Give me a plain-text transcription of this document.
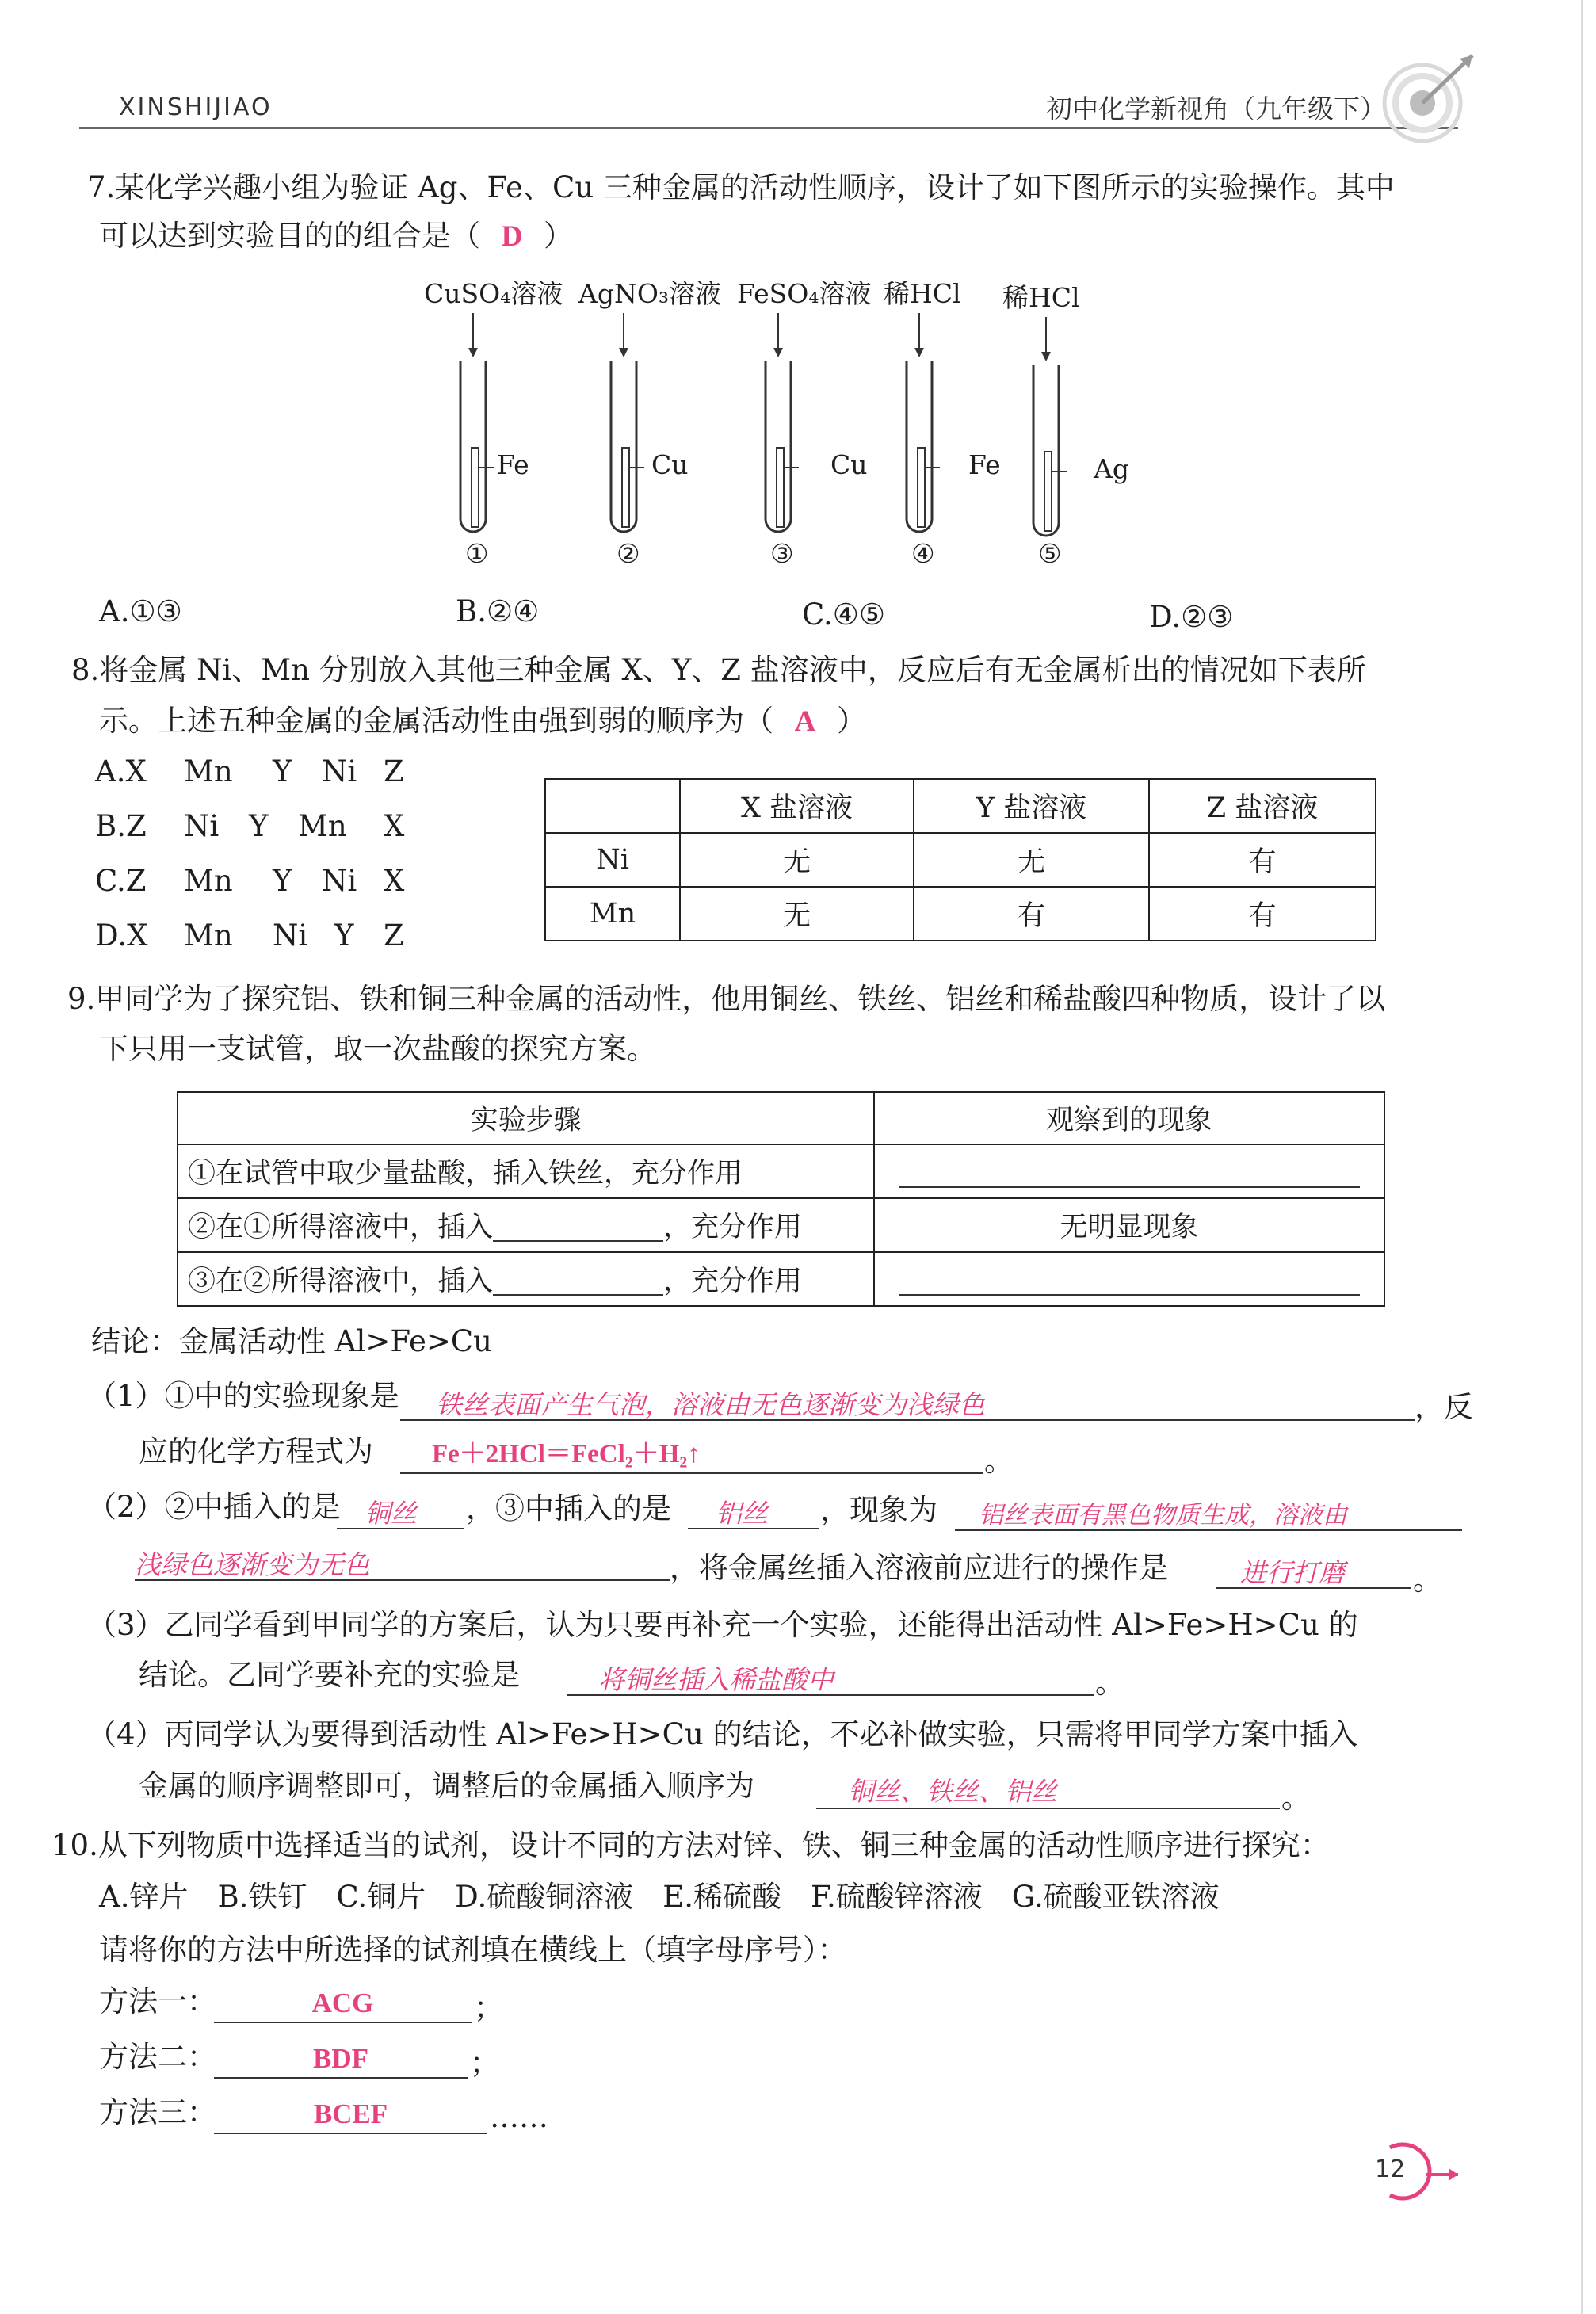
XINSHIJIAO	初中化学新视角（九年级下）
7.某化学兴趣小组为验证 Ag、Fe、Cu 三种金属的活动性顺序，设计了如下图所示的实验操作。其中
可以达到实验目的的组合是（ D ）
CuSO₄溶液
Fe
①
AgNO₃溶液
Cu
②
FeSO₄溶液
Cu
③
稀HCl
Fe
④
稀HCl
Ag
⑤
A.①③	B.②④	C.④⑤	D.②③
8.将金属 Ni、Mn 分别放入其他三种金属 X、Y、Z 盐溶液中，反应后有无金属析出的情况如下表所
示。上述五种金属的金属活动性由强到弱的顺序为（ A ）
A.X	Mn	Y	Ni Z
B.Z	Ni	Y	Mn	X
C.Z	Mn	Y	Ni X
D.X	Mn	Ni Y	Z
	X 盐溶液	Y 盐溶液	Z 盐溶液
Ni	无	无	有
Mn	无	有	有
9.甲同学为了探究铝、铁和铜三种金属的活动性，他用铜丝、铁丝、铝丝和稀盐酸四种物质，设计了以
下只用一支试管，取一次盐酸的探究方案。
实验步骤	观察到的现象
①在试管中取少量盐酸，插入铁丝，充分作用	

②在①所得溶液中，插入 ，充分作用	无明显现象
③在②所得溶液中，插入 ，充分作用	
结论：金属活动性 Al>Fe>Cu
（1）①中的实验现象是 铁丝表面产生气泡，溶液由无色逐渐变为浅绿色	，反
应的化学方程式为 Fe＋2HCl＝FeCl₂＋H₂↑	。
（2）②中插入的是 铜丝 ，③中插入的是 铝丝 ，现象为 铝丝表面有黑色物质生成，溶液由
浅绿色逐渐变为无色	，将金属丝插入溶液前应进行的操作是	进行打磨 。
（3）乙同学看到甲同学的方案后，认为只要再补充一个实验，还能得出活动性 Al>Fe>H>Cu 的
结论。乙同学要补充的实验是	将铜丝插入稀盐酸中	。
（4）丙同学认为要得到活动性 Al>Fe>H>Cu 的结论，不必补做实验，只需将甲同学方案中插入
金属的顺序调整即可，调整后的金属插入顺序为	铜丝、铁丝、铝丝	。
10.从下列物质中选择适当的试剂，设计不同的方法对锌、铁、铜三种金属的活动性顺序进行探究：
A.锌片　B.铁钉　C.铜片　D.硫酸铜溶液　E.稀硫酸　F.硫酸锌溶液　G.硫酸亚铁溶液
请将你的方法中所选择的试剂填在横线上（填字母序号）：
方法一：	ACG	；
方法二：	BDF	；
方法三：	BCEF	……
12
